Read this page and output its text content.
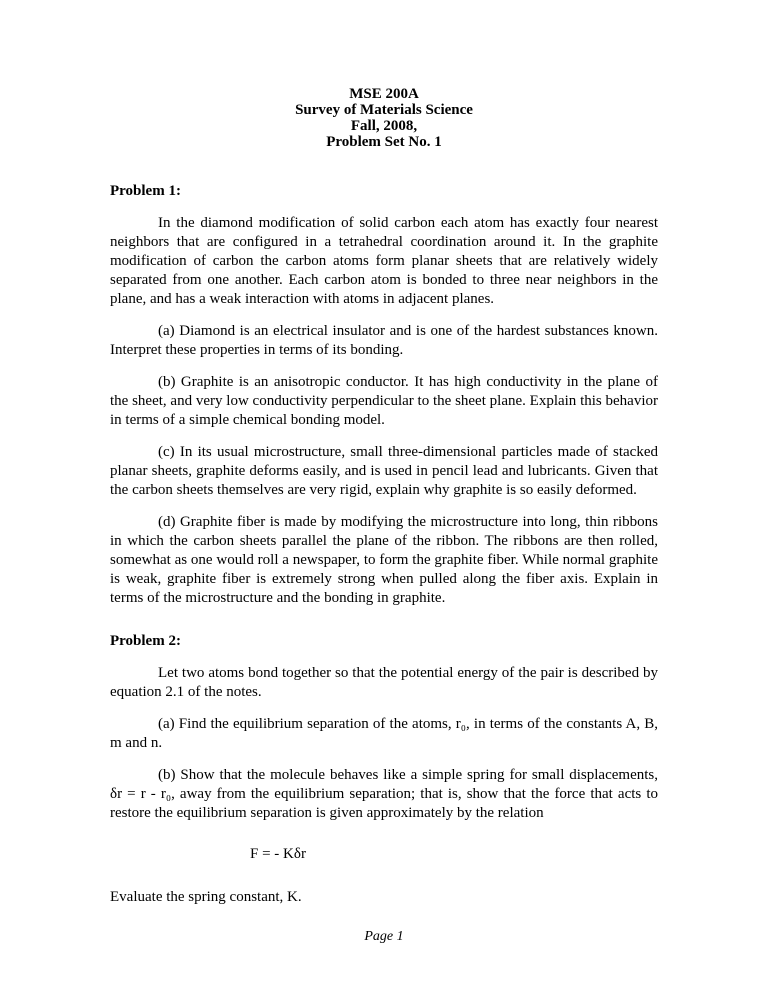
MSE 200A
Survey of Materials Science
Fall, 2008,
Problem Set No. 1
Problem 1:

In the diamond modification of solid carbon each atom has exactly four nearest neighbors that are configured in a tetrahedral coordination around it. In the graphite modification of carbon the carbon atoms form planar sheets that are relatively widely separated from one another. Each carbon atom is bonded to three near neighbors in the plane, and has a weak interaction with atoms in adjacent planes.

(a) Diamond is an electrical insulator and is one of the hardest substances known. Interpret these properties in terms of its bonding.

(b) Graphite is an anisotropic conductor. It has high conductivity in the plane of the sheet, and very low conductivity perpendicular to the sheet plane. Explain this behavior in terms of a simple chemical bonding model.

(c) In its usual microstructure, small three-dimensional particles made of stacked planar sheets, graphite deforms easily, and is used in pencil lead and lubricants. Given that the carbon sheets themselves are very rigid, explain why graphite is so easily deformed.

(d) Graphite fiber is made by modifying the microstructure into long, thin ribbons in which the carbon sheets parallel the plane of the ribbon. The ribbons are then rolled, somewhat as one would roll a newspaper, to form the graphite fiber. While normal graphite is weak, graphite fiber is extremely strong when pulled along the fiber axis. Explain in terms of the microstructure and the bonding in graphite.

Problem 2:

Let two atoms bond together so that the potential energy of the pair is described by equation 2.1 of the notes.

(a) Find the equilibrium separation of the atoms, r₀, in terms of the constants A, B, m and n.

(b) Show that the molecule behaves like a simple spring for small displacements, δr = r - r₀, away from the equilibrium separation; that is, show that the force that acts to restore the equilibrium separation is given approximately by the relation

F = - Kδr

Evaluate the spring constant, K.

Page 1
